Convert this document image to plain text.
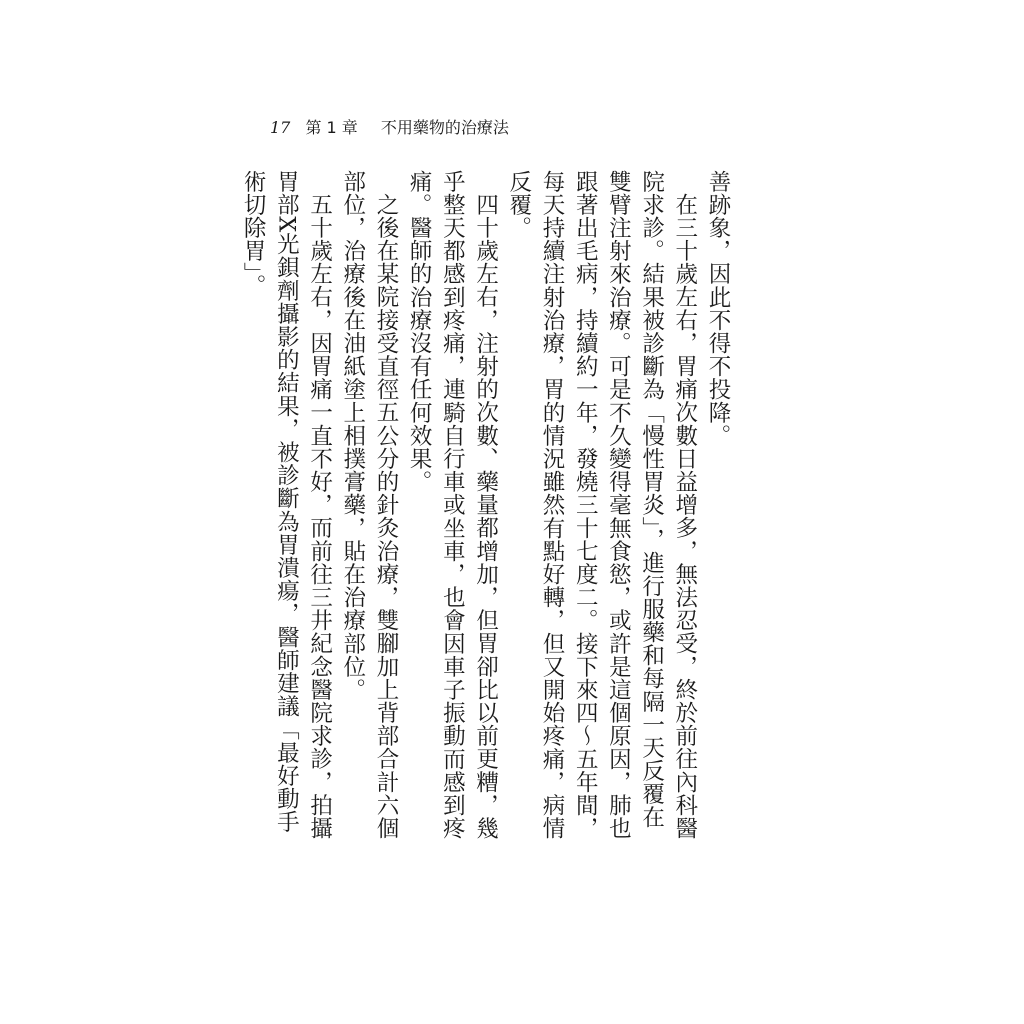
17 第 1 章 不用藥物的治療法

善跡象，因此不得不投降。

在三十歲左右，胃痛次數日益增多，無法忍受，終於前往內科醫院求診。結果被診斷為「慢性胃炎」，進行服藥和每隔一天反覆在雙臂注射來治療。可是不久變得毫無食慾，或許是這個原因，肺也跟著出毛病，持續約一年，發燒三十七度二。接下來四～五年間，每天持續注射治療，胃的情況雖然有點好轉，但又開始疼痛，病情反覆。

四十歲左右，注射的次數、藥量都增加，但胃卻比以前更糟，幾乎整天都感到疼痛，連騎自行車或坐車，也會因車子振動而感到疼痛。醫師的治療沒有任何效果。

之後在某院接受直徑五公分的針灸治療，雙腳加上背部合計六個部位，治療後在油紙塗上相撲膏藥，貼在治療部位。

五十歲左右，因胃痛一直不好，而前往三井紀念醫院求診，拍攝胃部X光鋇劑攝影的結果，被診斷為胃潰瘍，醫師建議「最好動手術切除胃」。
